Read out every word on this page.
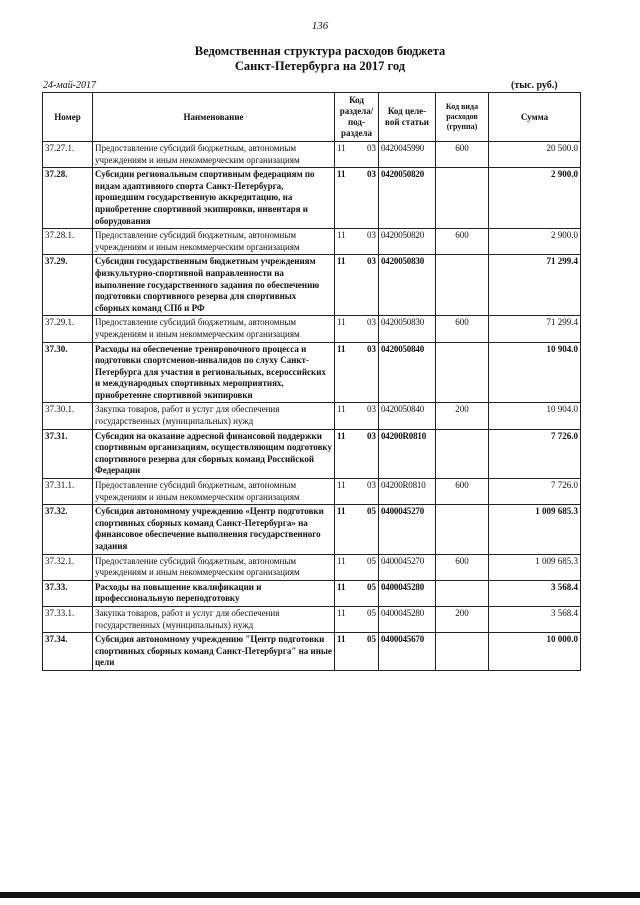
136
Ведомственная структура расходов бюджета
Санкт-Петербурга на 2017 год
24-май-2017	(тыс. руб.)
Номер	Наименование	Код раздела/ под-раздела	Код целе-вой статьи	Код вида расходов (группа)	Сумма
37.27.1.	Предоставление субсидий бюджетным, автономным учреждениям и иным некоммерческим организациям	11 03	0420045990	600	20 500.0
37.28.	Субсидии региональным спортивным федерациям по видам адаптивного спорта Санкт-Петербурга, прошедшим государственную аккредитацию, на приобретение спортивной экипировки, инвентаря и оборудования	11 03	0420050820		2 900.0
37.28.1.	Предоставление субсидий бюджетным, автономным учреждениям и иным некоммерческим организациям	11 03	0420050820	600	2 900.0
37.29.	Субсидии государственным бюджетным учреждениям физкультурно-спортивной направленности на выполнение государственного задания по обеспечению подготовки спортивного резерва для спортивных сборных команд СПб и РФ	11 03	0420050830		71 299.4
37.29.1.	Предоставление субсидий бюджетным, автономным учреждениям и иным некоммерческим организациям	11 03	0420050830	600	71 299.4
37.30.	Расходы на обеспечение тренировочного процесса и подготовки спортсменов-инвалидов по слуху Санкт-Петербурга для участия в региональных, всероссийских и международных спортивных мероприятиях, приобретение спортивной экипировки	11 03	0420050840		10 904.0
37.30.1.	Закупка товаров, работ и услуг для обеспечения государственных (муниципальных) нужд	11 03	0420050840	200	10 904.0
37.31.	Субсидия на оказание адресной финансовой поддержки спортивным организациям, осуществляющим подготовку спортивного резерва для сборных команд Российской Федерации	11 03	04200R0810		7 726.0
37.31.1.	Предоставление субсидий бюджетным, автономным учреждениям и иным некоммерческим организациям	11 03	04200R0810	600	7 726.0
37.32.	Субсидия автономному учреждению «Центр подготовки спортивных сборных команд Санкт-Петербурга» на финансовое обеспечение выполнения государственного задания	11 05	0400045270		1 009 685.3
37.32.1.	Предоставление субсидий бюджетным, автономным учреждениям и иным некоммерческим организациям	11 05	0400045270	600	1 009 685.3
37.33.	Расходы на повышение квалификации и профессиональную переподготовку	11 05	0400045280		3 568.4
37.33.1.	Закупка товаров, работ и услуг для обеспечения государственных (муниципальных) нужд	11 05	0400045280	200	3 568.4
37.34.	Субсидия автономному учреждению "Центр подготовки спортивных сборных команд Санкт-Петербурга" на иные цели	11 05	0400045670		10 000.0
